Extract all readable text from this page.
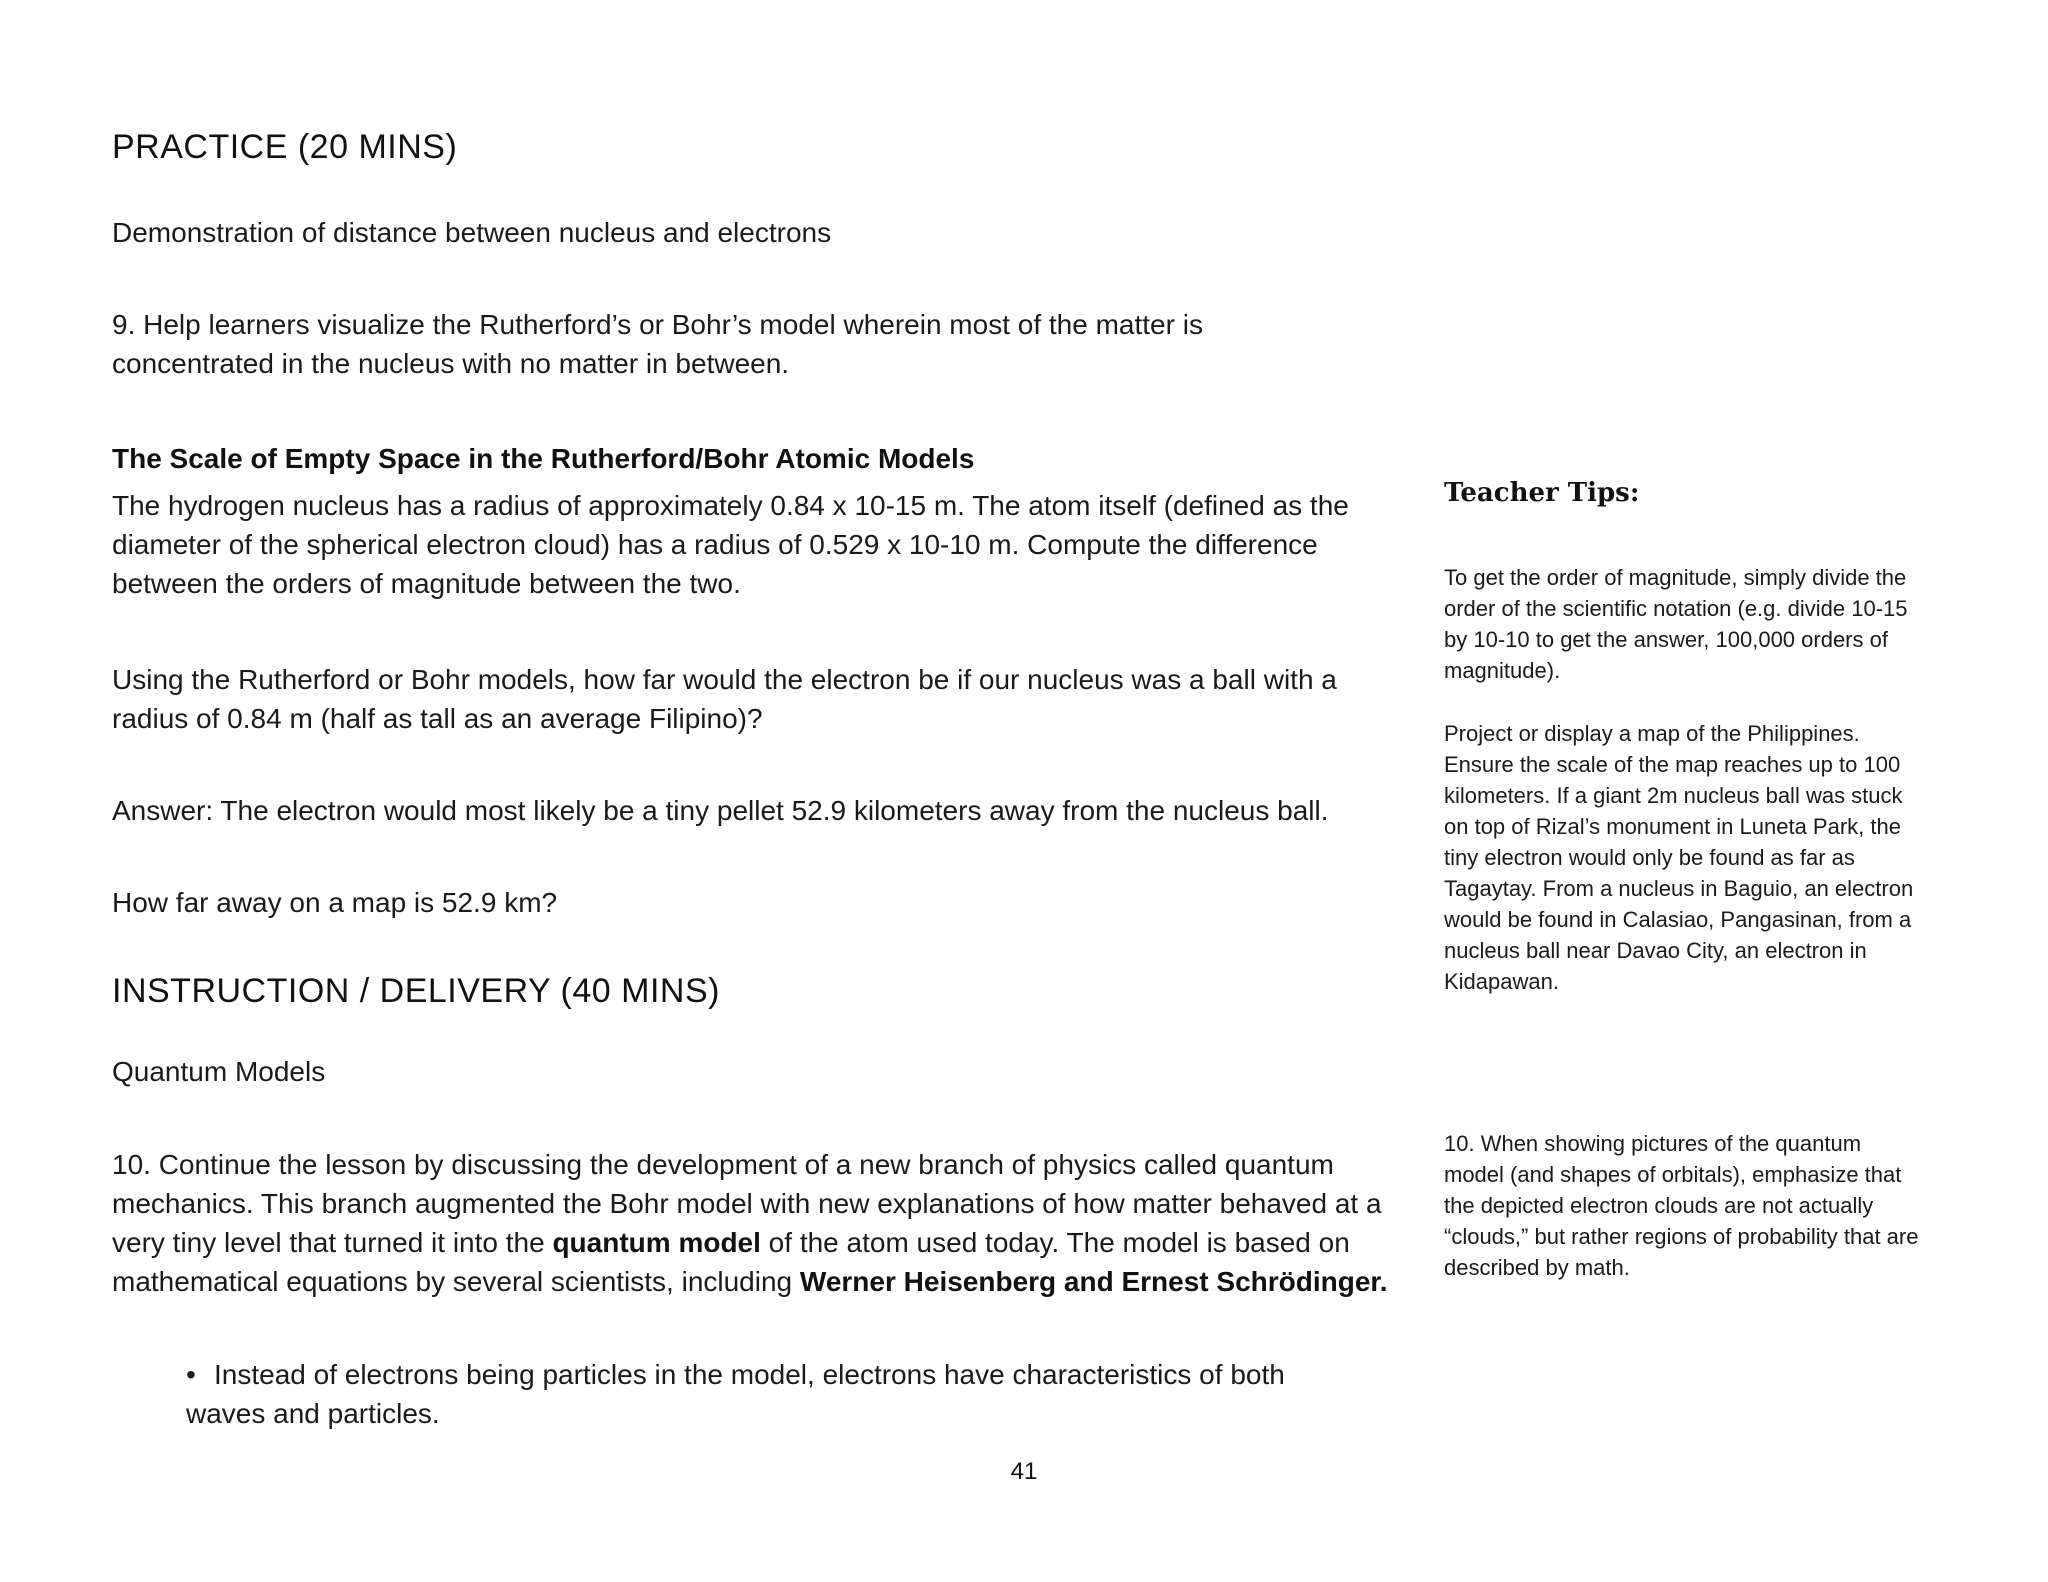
PRACTICE (20 MINS)

Demonstration of distance between nucleus and electrons

9. Help learners visualize the Rutherford’s or Bohr’s model wherein most of the matter is concentrated in the nucleus with no matter in between.

The Scale of Empty Space in the Rutherford/Bohr Atomic Models

The hydrogen nucleus has a radius of approximately 0.84 x 10-15 m. The atom itself (defined as the diameter of the spherical electron cloud) has a radius of 0.529 x 10-10 m. Compute the difference between the orders of magnitude between the two.

Using the Rutherford or Bohr models, how far would the electron be if our nucleus was a ball with a radius of 0.84 m (half as tall as an average Filipino)?

Answer: The electron would most likely be a tiny pellet 52.9 kilometers away from the nucleus ball.

How far away on a map is 52.9 km?

INSTRUCTION / DELIVERY (40 MINS)

Quantum Models

10. Continue the lesson by discussing the development of a new branch of physics called quantum mechanics. This branch augmented the Bohr model with new explanations of how matter behaved at a very tiny level that turned it into the quantum model of the atom used today. The model is based on mathematical equations by several scientists, including Werner Heisenberg and Ernest Schrödinger.

• Instead of electrons being particles in the model, electrons have characteristics of both waves and particles.

Teacher Tips:

To get the order of magnitude, simply divide the order of the scientific notation (e.g. divide 10-15 by 10-10 to get the answer, 100,000 orders of magnitude).

Project or display a map of the Philippines. Ensure the scale of the map reaches up to 100 kilometers. If a giant 2m nucleus ball was stuck on top of Rizal’s monument in Luneta Park, the tiny electron would only be found as far as Tagaytay. From a nucleus in Baguio, an electron would be found in Calasiao, Pangasinan, from a nucleus ball near Davao City, an electron in Kidapawan.

10. When showing pictures of the quantum model (and shapes of orbitals), emphasize that the depicted electron clouds are not actually “clouds,” but rather regions of probability that are described by math.

41
